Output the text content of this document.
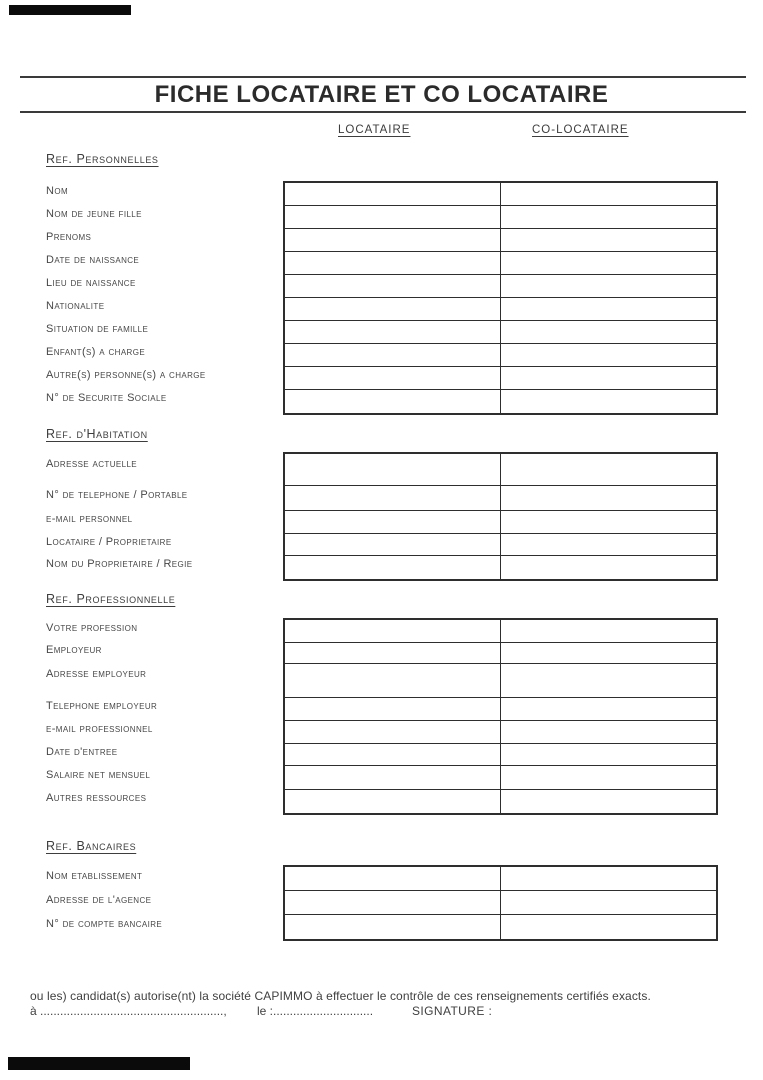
FICHE LOCATAIRE ET CO LOCATAIRE
LOCATAIRE	CO-LOCATAIRE
Ref. Personnelles
Nom
Nom de jeune fille
Prenoms
Date de naissance
Lieu de naissance
Nationalite
Situation de famille
Enfant(s) a charge
Autre(s) personne(s) a charge
N° de Securite Sociale
Ref. d'Habitation
Adresse actuelle
N° de telephone / Portable
e-mail personnel
Locataire / Proprietaire
Nom du Proprietaire / Regie
Ref. Professionnelle
Votre profession
Employeur
Adresse employeur
Telephone employeur
e-mail professionnel
Date d'entree
Salaire net mensuel
Autres ressources
Ref. Bancaires
Nom etablissement
Adresse de l'agence
N° de compte bancaire
ou les) candidat(s) autorise(nt) la société CAPIMMO à effectuer le contrôle de ces renseignements certifiés exacts.
à .......................................................,	le :..............................	SIGNATURE :
